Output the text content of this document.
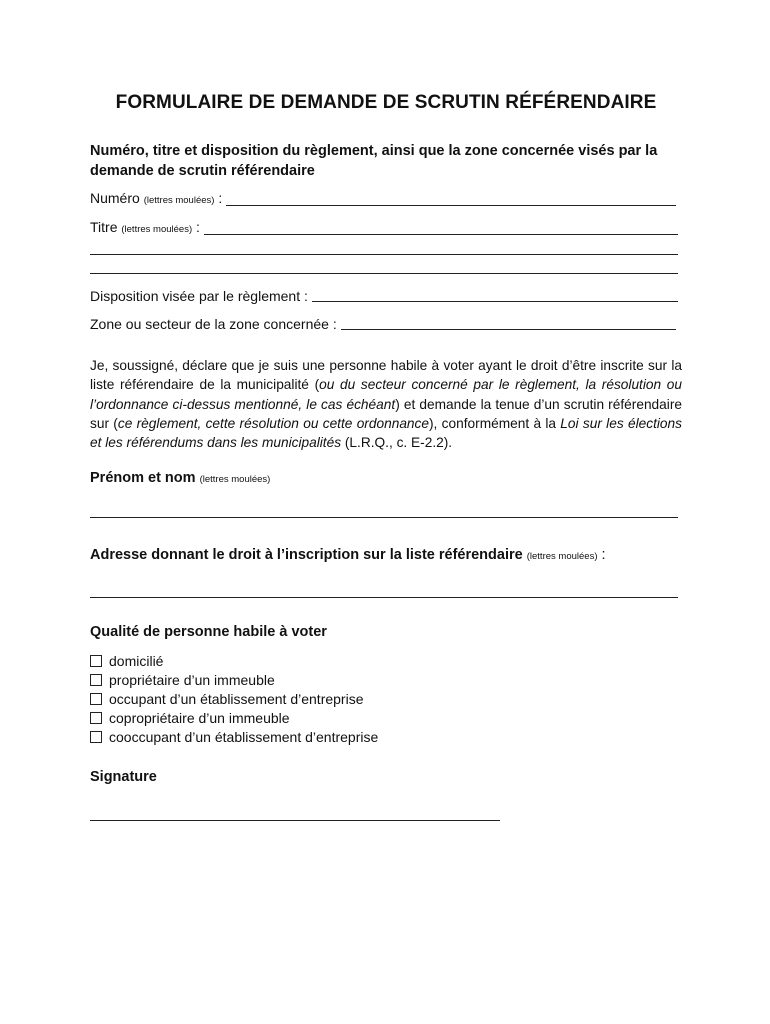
FORMULAIRE DE DEMANDE DE SCRUTIN RÉFÉRENDAIRE
Numéro, titre et disposition du règlement, ainsi que la zone concernée visés par la demande de scrutin référendaire
Numéro (lettres moulées) :
Titre (lettres moulées) :
Disposition visée par le règlement :
Zone ou secteur de la zone concernée :
Je, soussigné, déclare que je suis une personne habile à voter ayant le droit d’être inscrite sur la liste référendaire de la municipalité (ou du secteur concerné par le règlement, la résolution ou l’ordonnance ci-dessus mentionné, le cas échéant) et demande la tenue d’un scrutin référendaire sur (ce règlement, cette résolution ou cette ordonnance), conformément à la Loi sur les élections et les référendums dans les municipalités (L.R.Q., c. E-2.2).
Prénom et nom (lettres moulées)
Adresse donnant le droit à l’inscription sur la liste référendaire (lettres moulées) :
Qualité de personne habile à voter
domicilié
propriétaire d’un immeuble
occupant d’un établissement d’entreprise
copropriétaire d’un immeuble
cooccupant d’un établissement d’entreprise
Signature
